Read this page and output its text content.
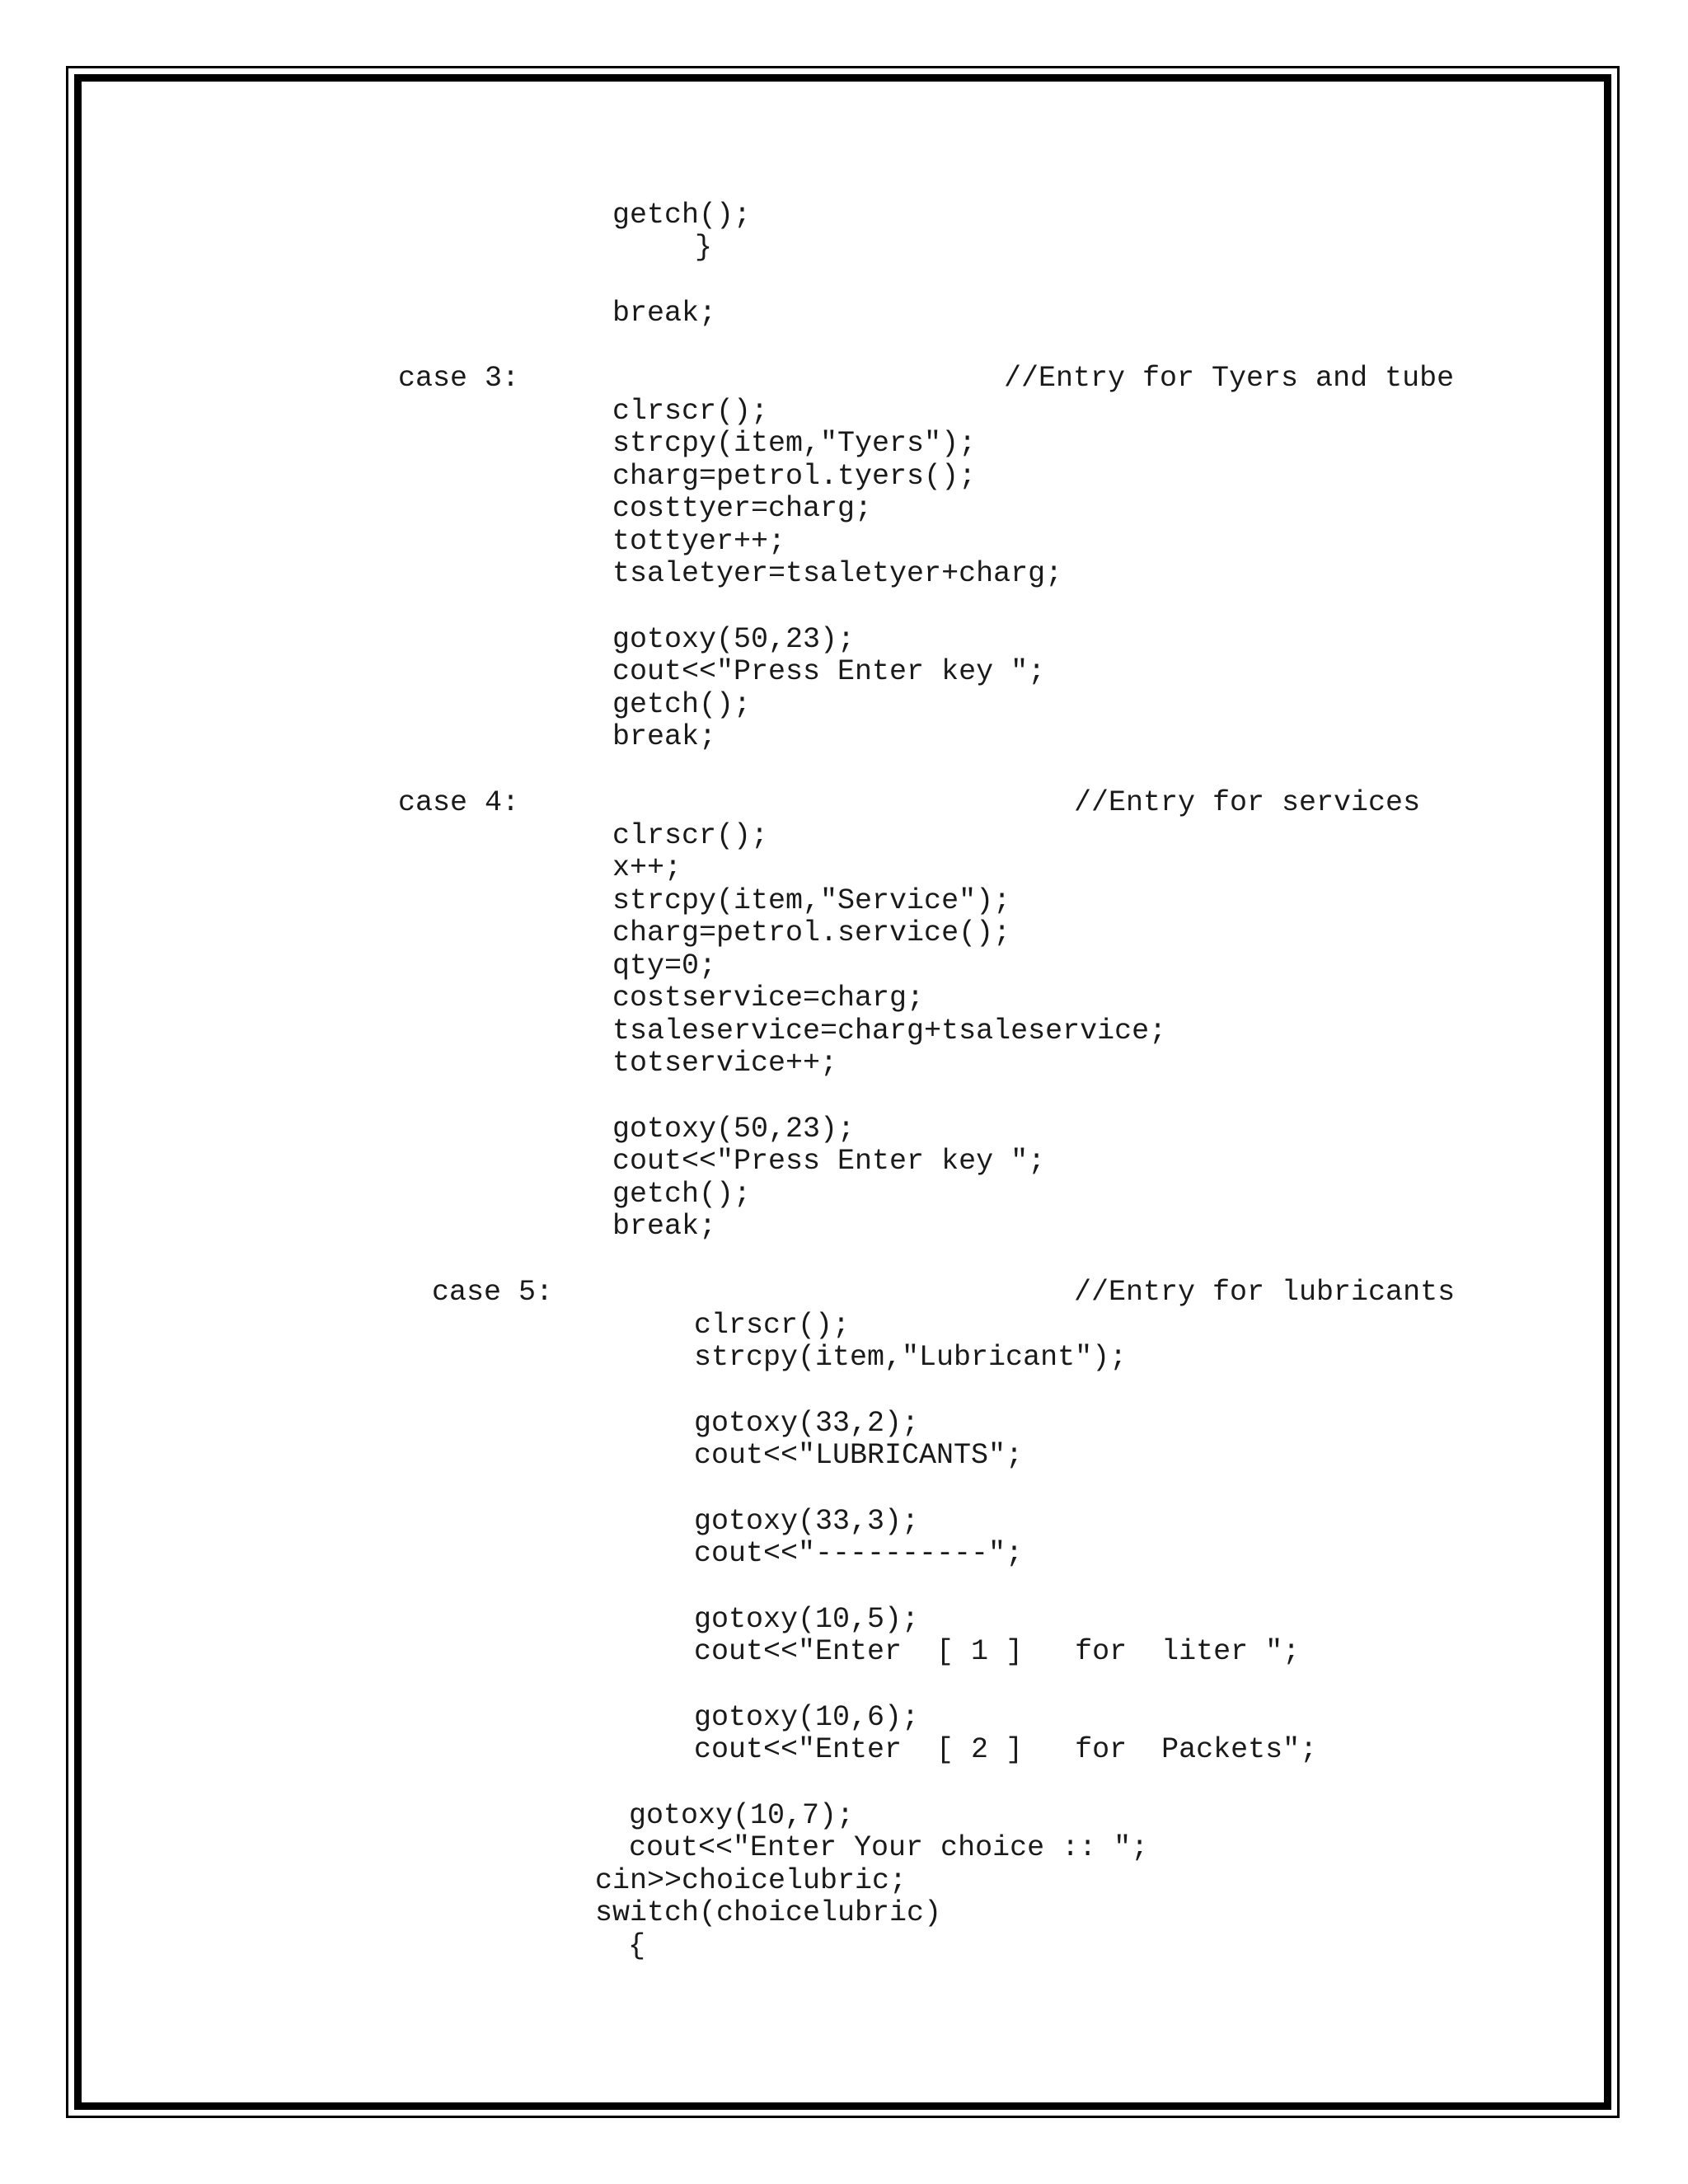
getch();
}
break;
case 3:	//Entry for Tyers and tube
clrscr();
strcpy(item,"Tyers");
charg=petrol.tyers();
costtyer=charg;
tottyer++;
tsaletyer=tsaletyer+charg;
gotoxy(50,23);
cout<<"Press Enter key ";
getch();
break;
case 4:	//Entry for services
clrscr();
x++;
strcpy(item,"Service");
charg=petrol.service();
qty=0;
costservice=charg;
tsaleservice=charg+tsaleservice;
totservice++;
gotoxy(50,23);
cout<<"Press Enter key ";
getch();
break;
case 5:	//Entry for lubricants
clrscr();
strcpy(item,"Lubricant");
gotoxy(33,2);
cout<<"LUBRICANTS";
gotoxy(33,3);
cout<<"----------";
gotoxy(10,5);
cout<<"Enter  [ 1 ]   for  liter ";
gotoxy(10,6);
cout<<"Enter  [ 2 ]   for  Packets";
gotoxy(10,7);
cout<<"Enter Your choice :: ";
cin>>choicelubric;
switch(choicelubric)
{
